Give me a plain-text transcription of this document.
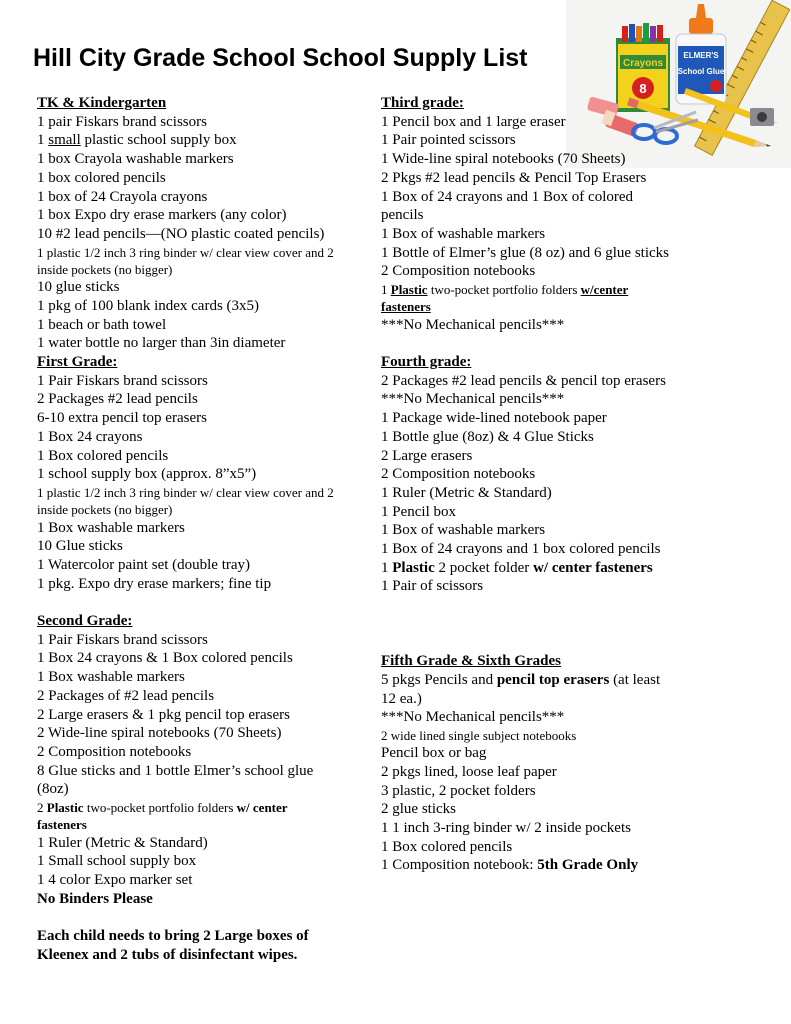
Hill City Grade School School Supply List	Crayons
8
ELMER'S
School Glue
TK & Kindergarten
1 pair Fiskars brand scissors
1 small plastic school supply box
1 box Crayola washable markers
1 box colored pencils
1 box of 24 Crayola crayons
1 box Expo dry erase markers (any color)
10 #2 lead pencils—(NO plastic coated pencils)
1 plastic 1/2 inch 3 ring binder w/ clear view cover and 2 inside pockets (no bigger)
10 glue sticks
1 pkg of 100 blank index cards (3x5)
1 beach or bath towel
1 water bottle no larger than 3in diameter
First Grade:
1 Pair Fiskars brand scissors
2 Packages #2 lead pencils
6-10 extra pencil top erasers
1 Box 24 crayons
1 Box colored pencils
1 school supply box (approx. 8”x5”)
1 plastic 1/2 inch 3 ring binder w/ clear view cover and 2 inside pockets (no bigger)
1 Box washable markers
10 Glue sticks
1 Watercolor paint set (double tray)
1 pkg. Expo dry erase markers; fine tip
Second Grade:
1 Pair Fiskars brand scissors
1 Box 24 crayons & 1 Box colored pencils
1 Box washable markers
2 Packages of #2 lead pencils
2 Large erasers & 1 pkg pencil top erasers
2 Wide-line spiral notebooks (70 Sheets)
2 Composition notebooks
8 Glue sticks and 1 bottle Elmer’s school glue (8oz)
2 Plastic two-pocket portfolio folders w/ center fasteners
1 Ruler (Metric & Standard)
1 Small school supply box
1 4 color Expo marker set
No Binders Please
Each child needs to bring 2 Large boxes of Kleenex and 2 tubs of disinfectant wipes.
Third grade:
1 Pencil box and 1 large eraser
1 Pair pointed scissors
1 Wide-line spiral notebooks (70 Sheets)
2 Pkgs #2 lead pencils & Pencil Top Erasers
1 Box of 24 crayons and 1 Box of colored pencils
1 Box of washable markers
1 Bottle of Elmer’s glue (8 oz) and 6 glue sticks
2 Composition notebooks
1 Plastic two-pocket portfolio folders w/center fasteners
***No Mechanical pencils***
Fourth grade:
2 Packages #2 lead pencils & pencil top erasers
***No Mechanical pencils***
1 Package wide-lined notebook paper
1 Bottle glue (8oz) & 4 Glue Sticks
2 Large erasers
2 Composition notebooks
1 Ruler (Metric & Standard)
1 Pencil box
1 Box of washable markers
1 Box of 24 crayons and 1 box colored pencils
1 Plastic 2 pocket folder w/ center fasteners
1 Pair of scissors
Fifth Grade & Sixth Grades
5 pkgs Pencils and pencil top erasers (at least 12 ea.)
***No Mechanical pencils***
2 wide lined single subject notebooks
Pencil box or bag
2 pkgs lined, loose leaf paper
3 plastic, 2 pocket folders
2 glue sticks
1 1 inch 3-ring binder w/ 2 inside pockets
1 Box colored pencils
1 Composition notebook: 5th Grade Only
